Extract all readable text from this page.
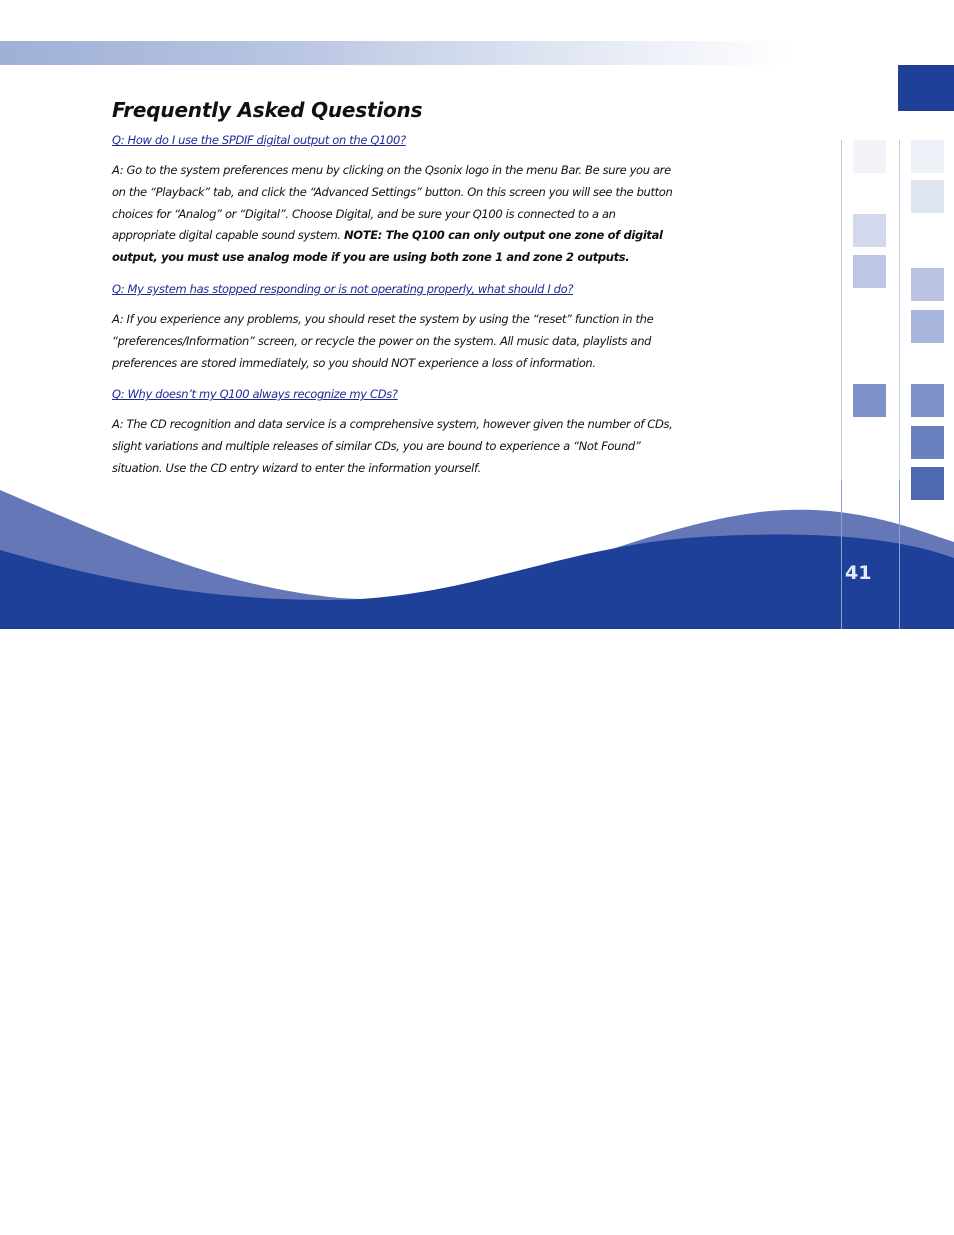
Frequently Asked Questions

Q: How do I use the SPDIF digital output on the Q100?

A: Go to the system preferences menu by clicking on the Qsonix logo in the menu Bar. Be sure you are on the “Playback” tab, and click the “Advanced Settings” button. On this screen you will see the button choices for “Analog” or “Digital”. Choose Digital, and be sure your Q100 is connected to a an appropriate digital capable sound system. NOTE: The Q100 can only output one zone of digital output, you must use analog mode if you are using both zone 1 and zone 2 outputs.

Q: My system has stopped responding or is not operating properly, what should I do?

A: If you experience any problems, you should reset the system by using the “reset” function in the “preferences/Information” screen, or recycle the power on the system. All music data, playlists and preferences are stored immediately, so you should NOT experience a loss of information.

Q: Why doesn’t my Q100 always recognize my CDs?

A: The CD recognition and data service is a comprehensive system, however given the number of CDs, slight variations and multiple releases of similar CDs, you are bound to experience a “Not Found” situation. Use the CD entry wizard to enter the information yourself.

41
